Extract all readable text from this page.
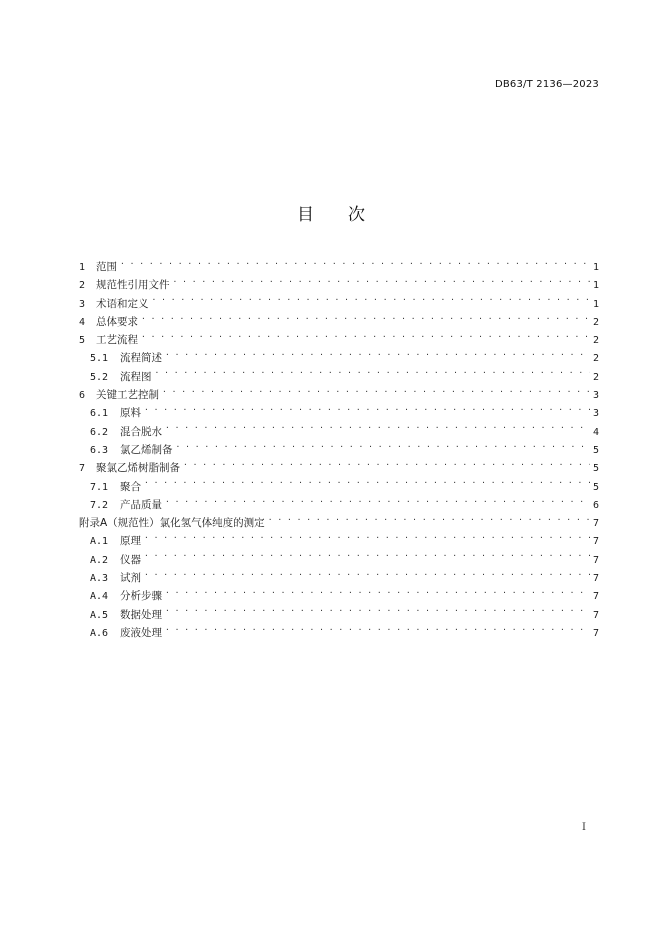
DB63/T 2136—2023
目次
1	范围 . . .	1
2	规范性引用文件 . . .	1
3	术语和定义 . . .	1
4	总体要求 . . .	2
5	工艺流程 . . .	2
5.1	流程简述 . . .	2
5.2	流程图 . . .	2
6	关键工艺控制 . . .	3
6.1	原料 . . .	3
6.2	混合脱水 . . .	4
6.3	氯乙烯制备 . . .	5
7	聚氯乙烯树脂制备 . . .	5
7.1	聚合 . . .	5
7.2	产品质量 . . .	6
附录A（规范性）氯化氢气体纯度的测定 . . .	7
A.1	原理 . . .	7
A.2	仪器 . . .	7
A.3	试剂 . . .	7
A.4	分析步骤 . . .	7
A.5	数据处理 . . .	7
A.6	废液处理 . . .	7
I
